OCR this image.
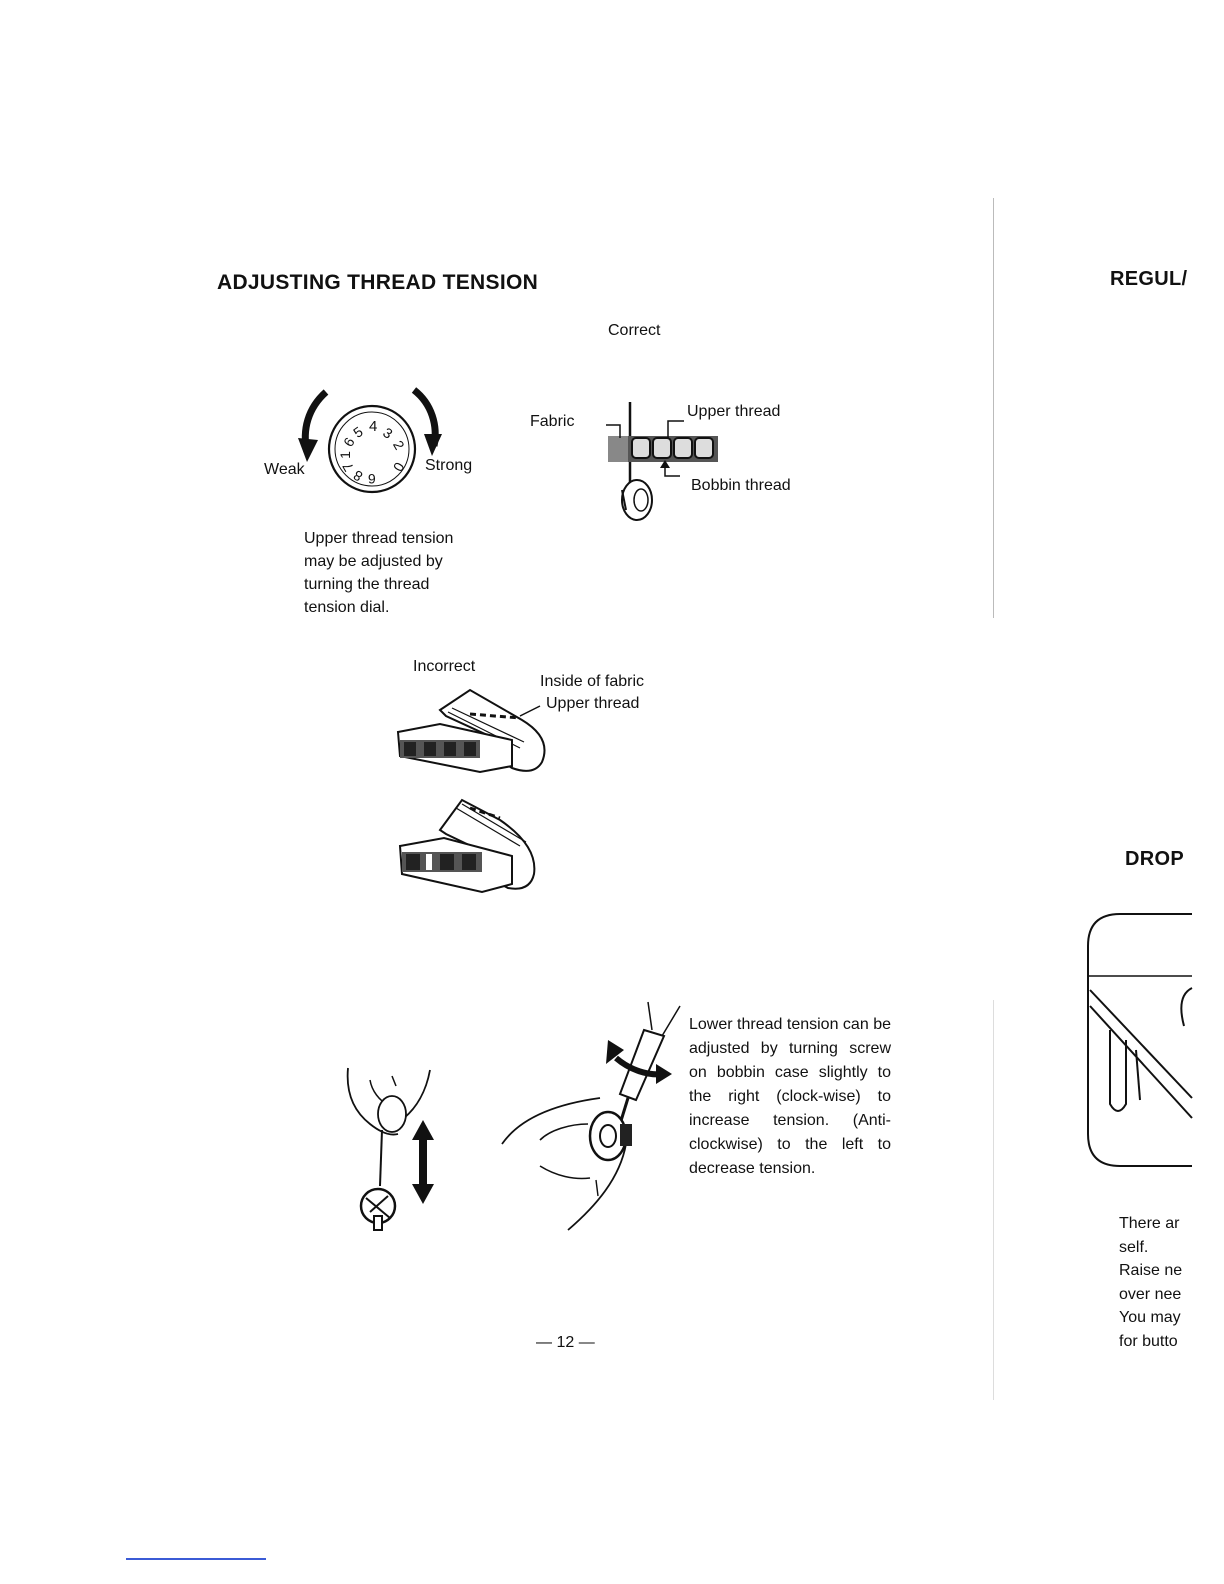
ADJUSTING THREAD TENSION
4 3
2
5
6
1
7
8 6
0
Weak	Strong
Upper thread tension
may be adjusted by
turning the thread
tension dial.
Correct
Fabric
Upper thread
Bobbin thread
Incorrect
Inside of fabric
Upper thread
Lower thread tension can be adjusted by turning screw on bobbin case slightly to the right (clock-wise) to increase tension. (Anti-clockwise) to the left to decrease tension.
— 12 —
REGUL/
DROP
There ar
self.
Raise ne
over nee
You may
for butto
